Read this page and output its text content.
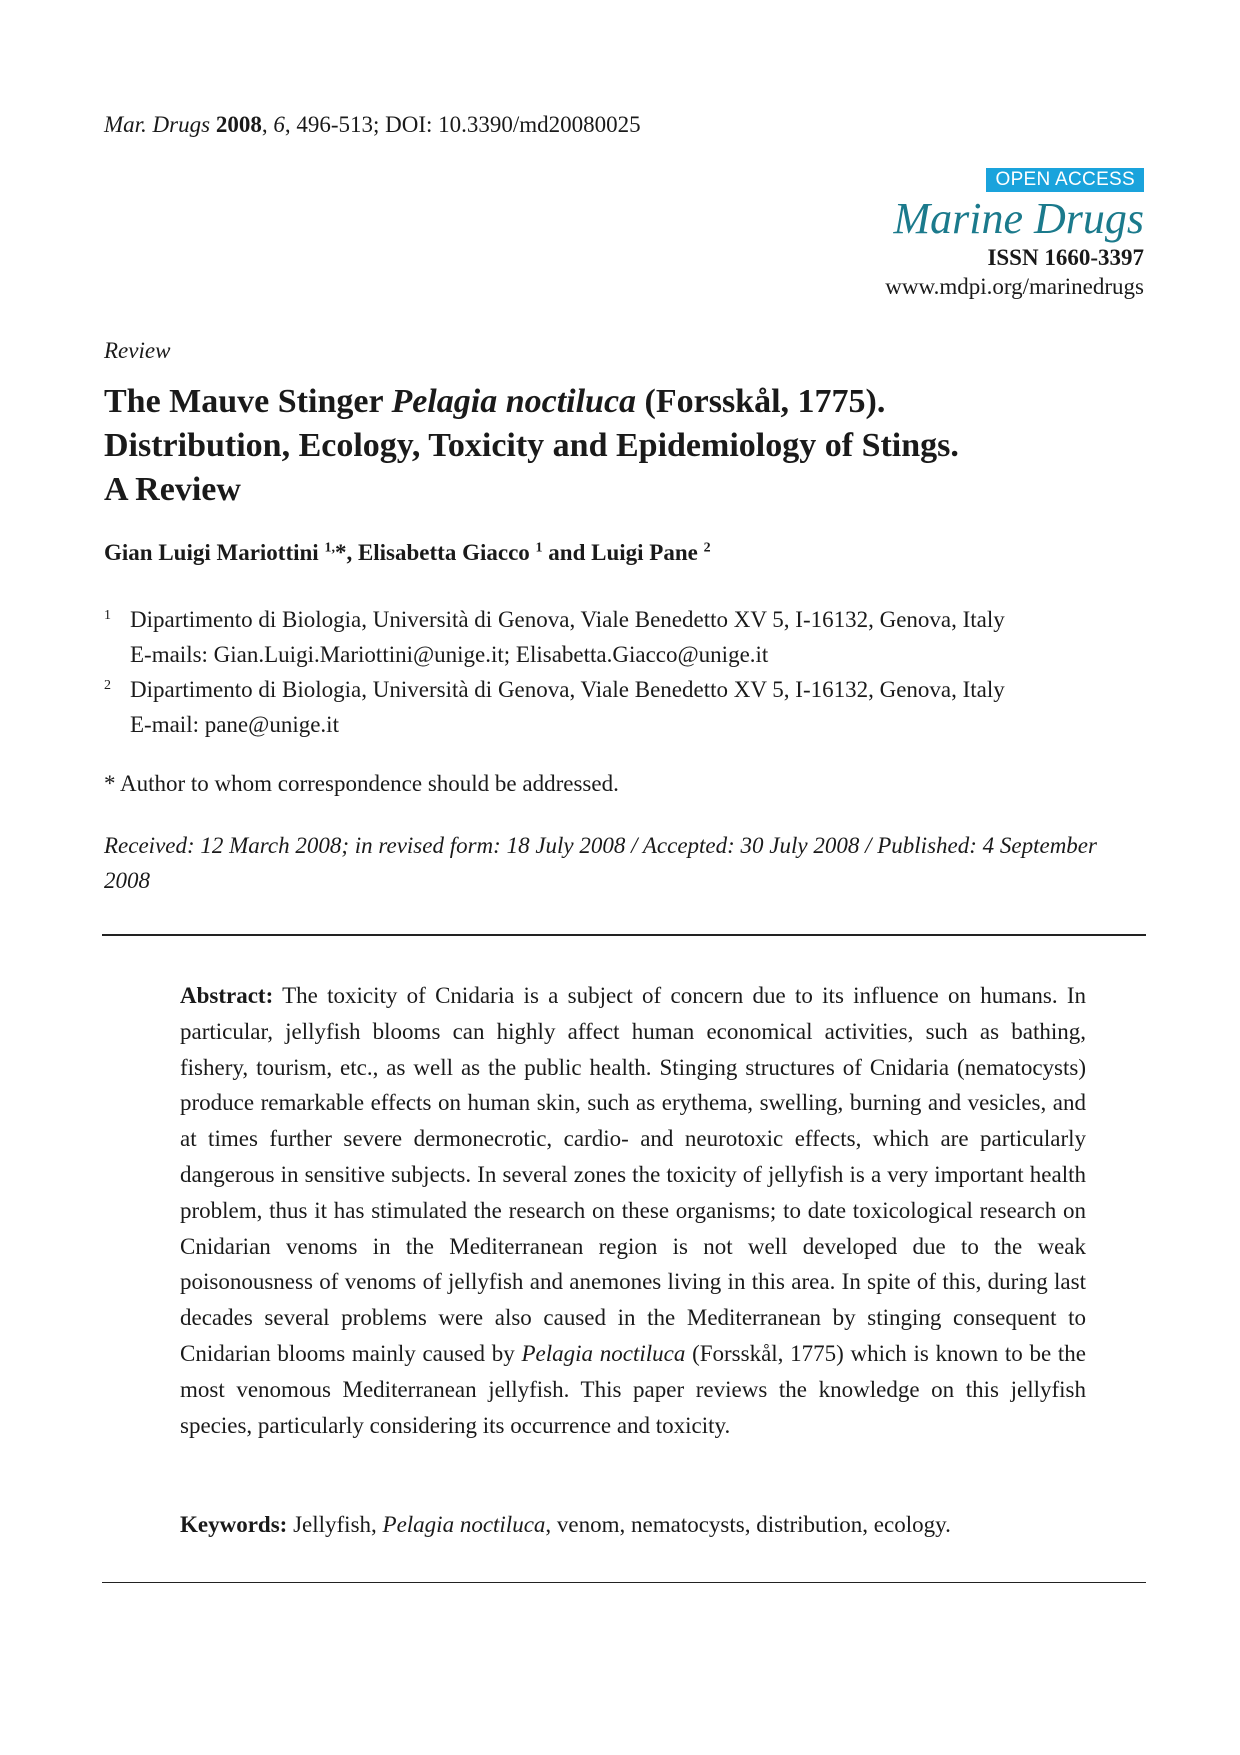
Mar. Drugs 2008, 6, 496-513; DOI: 10.3390/md20080025
OPEN ACCESS
Marine Drugs
ISSN 1660-3397
www.mdpi.org/marinedrugs
Review
The Mauve Stinger Pelagia noctiluca (Forsskål, 1775).
Distribution, Ecology, Toxicity and Epidemiology of Stings.
A Review
Gian Luigi Mariottini $^{1,}$*, Elisabetta Giacco $^1$ and Luigi Pane $^2$
1 Dipartimento di Biologia, Università di Genova, Viale Benedetto XV 5, I-16132, Genova, Italy
E-mails: Gian.Luigi.Mariottini@unige.it; Elisabetta.Giacco@unige.it
2 Dipartimento di Biologia, Università di Genova, Viale Benedetto XV 5, I-16132, Genova, Italy
E-mail: pane@unige.it
* Author to whom correspondence should be addressed.
Received: 12 March 2008; in revised form: 18 July 2008 / Accepted: 30 July 2008 / Published: 4 September 2008

Abstract: The toxicity of Cnidaria is a subject of concern due to its influence on humans. In particular, jellyfish blooms can highly affect human economical activities, such as bathing, fishery, tourism, etc., as well as the public health. Stinging structures of Cnidaria (nematocysts) produce remarkable effects on human skin, such as erythema, swelling, burning and vesicles, and at times further severe dermonecrotic, cardio- and neurotoxic effects, which are particularly dangerous in sensitive subjects. In several zones the toxicity of jellyfish is a very important health problem, thus it has stimulated the research on these organisms; to date toxicological research on Cnidarian venoms in the Mediterranean region is not well developed due to the weak poisonousness of venoms of jellyfish and anemones living in this area. In spite of this, during last decades several problems were also caused in the Mediterranean by stinging consequent to Cnidarian blooms mainly caused by Pelagia noctiluca (Forsskål, 1775) which is known to be the most venomous Mediterranean jellyfish. This paper reviews the knowledge on this jellyfish species, particularly considering its occurrence and toxicity.

Keywords: Jellyfish, Pelagia noctiluca, venom, nematocysts, distribution, ecology.
